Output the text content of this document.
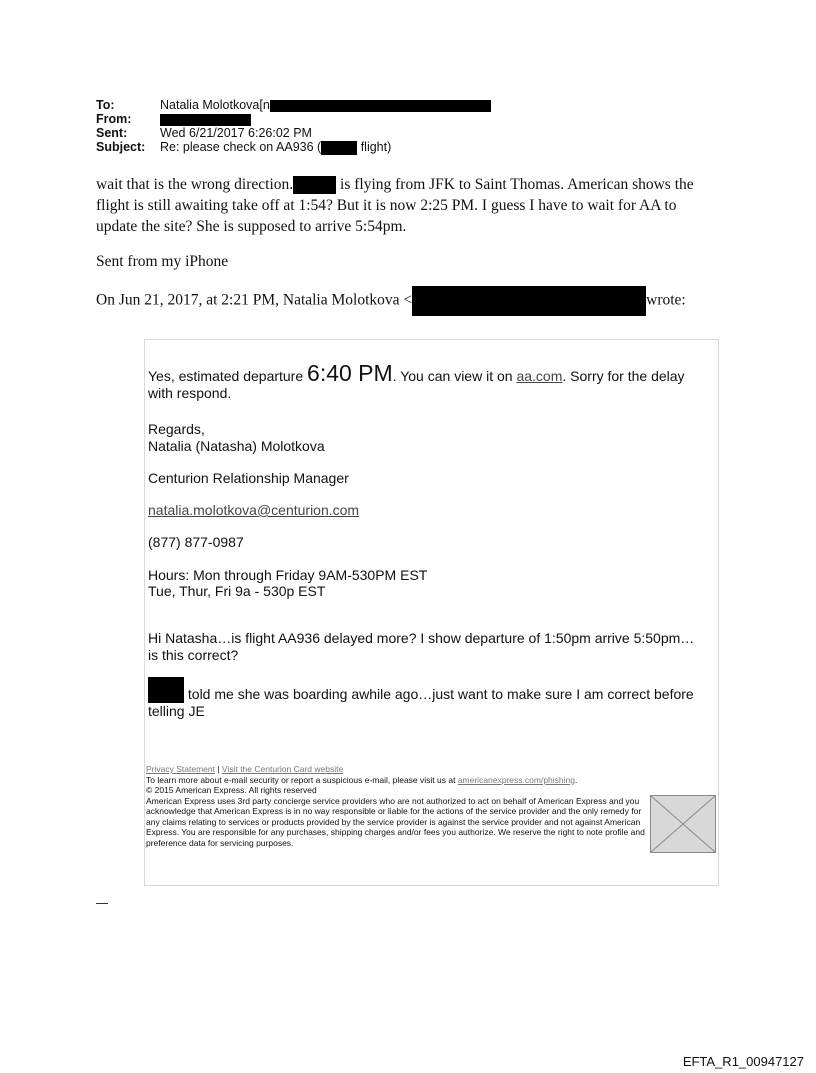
To:	Natalia Molotkova[n
From:
Sent:	Wed 6/21/2017 6:26:02 PM
Subject: Re: please check on AA936 (	flight)

wait that is the wrong direction.	is flying from JFK to Saint Thomas. American shows the flight is still awaiting take off at 1:54? But it is now 2:25 PM. I guess I have to wait for AA to update the site? She is supposed to arrive 5:54pm.

Sent from my iPhone

On Jun 21, 2017, at 2:21 PM, Natalia Molotkova <	wrote:

Yes, estimated departure 6:40 PM. You can view it on aa.com. Sorry for the delay with respond.
Regards,
Natalia (Natasha) Molotkova
Centurion Relationship Manager
natalia.molotkova@centurion.com
(877) 877-0987
Hours: Mon through Friday 9AM-530PM EST
Tue, Thur, Fri 9a - 530p EST
Hi Natasha…is flight AA936 delayed more? I show departure of 1:50pm arrive 5:50pm…is this correct?
told me she was boarding awhile ago…just want to make sure I am correct before telling JE
Privacy Statement | Visit the Centurion Card website
To learn more about e-mail security or report a suspicious e-mail, please visit us at americanexpress.com/phishing.
© 2015 American Express. All rights reserved
American Express uses 3rd party concierge service providers who are not authorized to act on behalf of American Express and you acknowledge that American Express is in no way responsible or liable for the actions of the service provider and the only remedy for any claims relating to services or products provided by the service provider is against the service provider and not against American Express. You are responsible for any purchases, shipping charges and/or fees you authorize. We reserve the right to note profile and preference data for servicing purposes.
EFTA_R1_00947127
